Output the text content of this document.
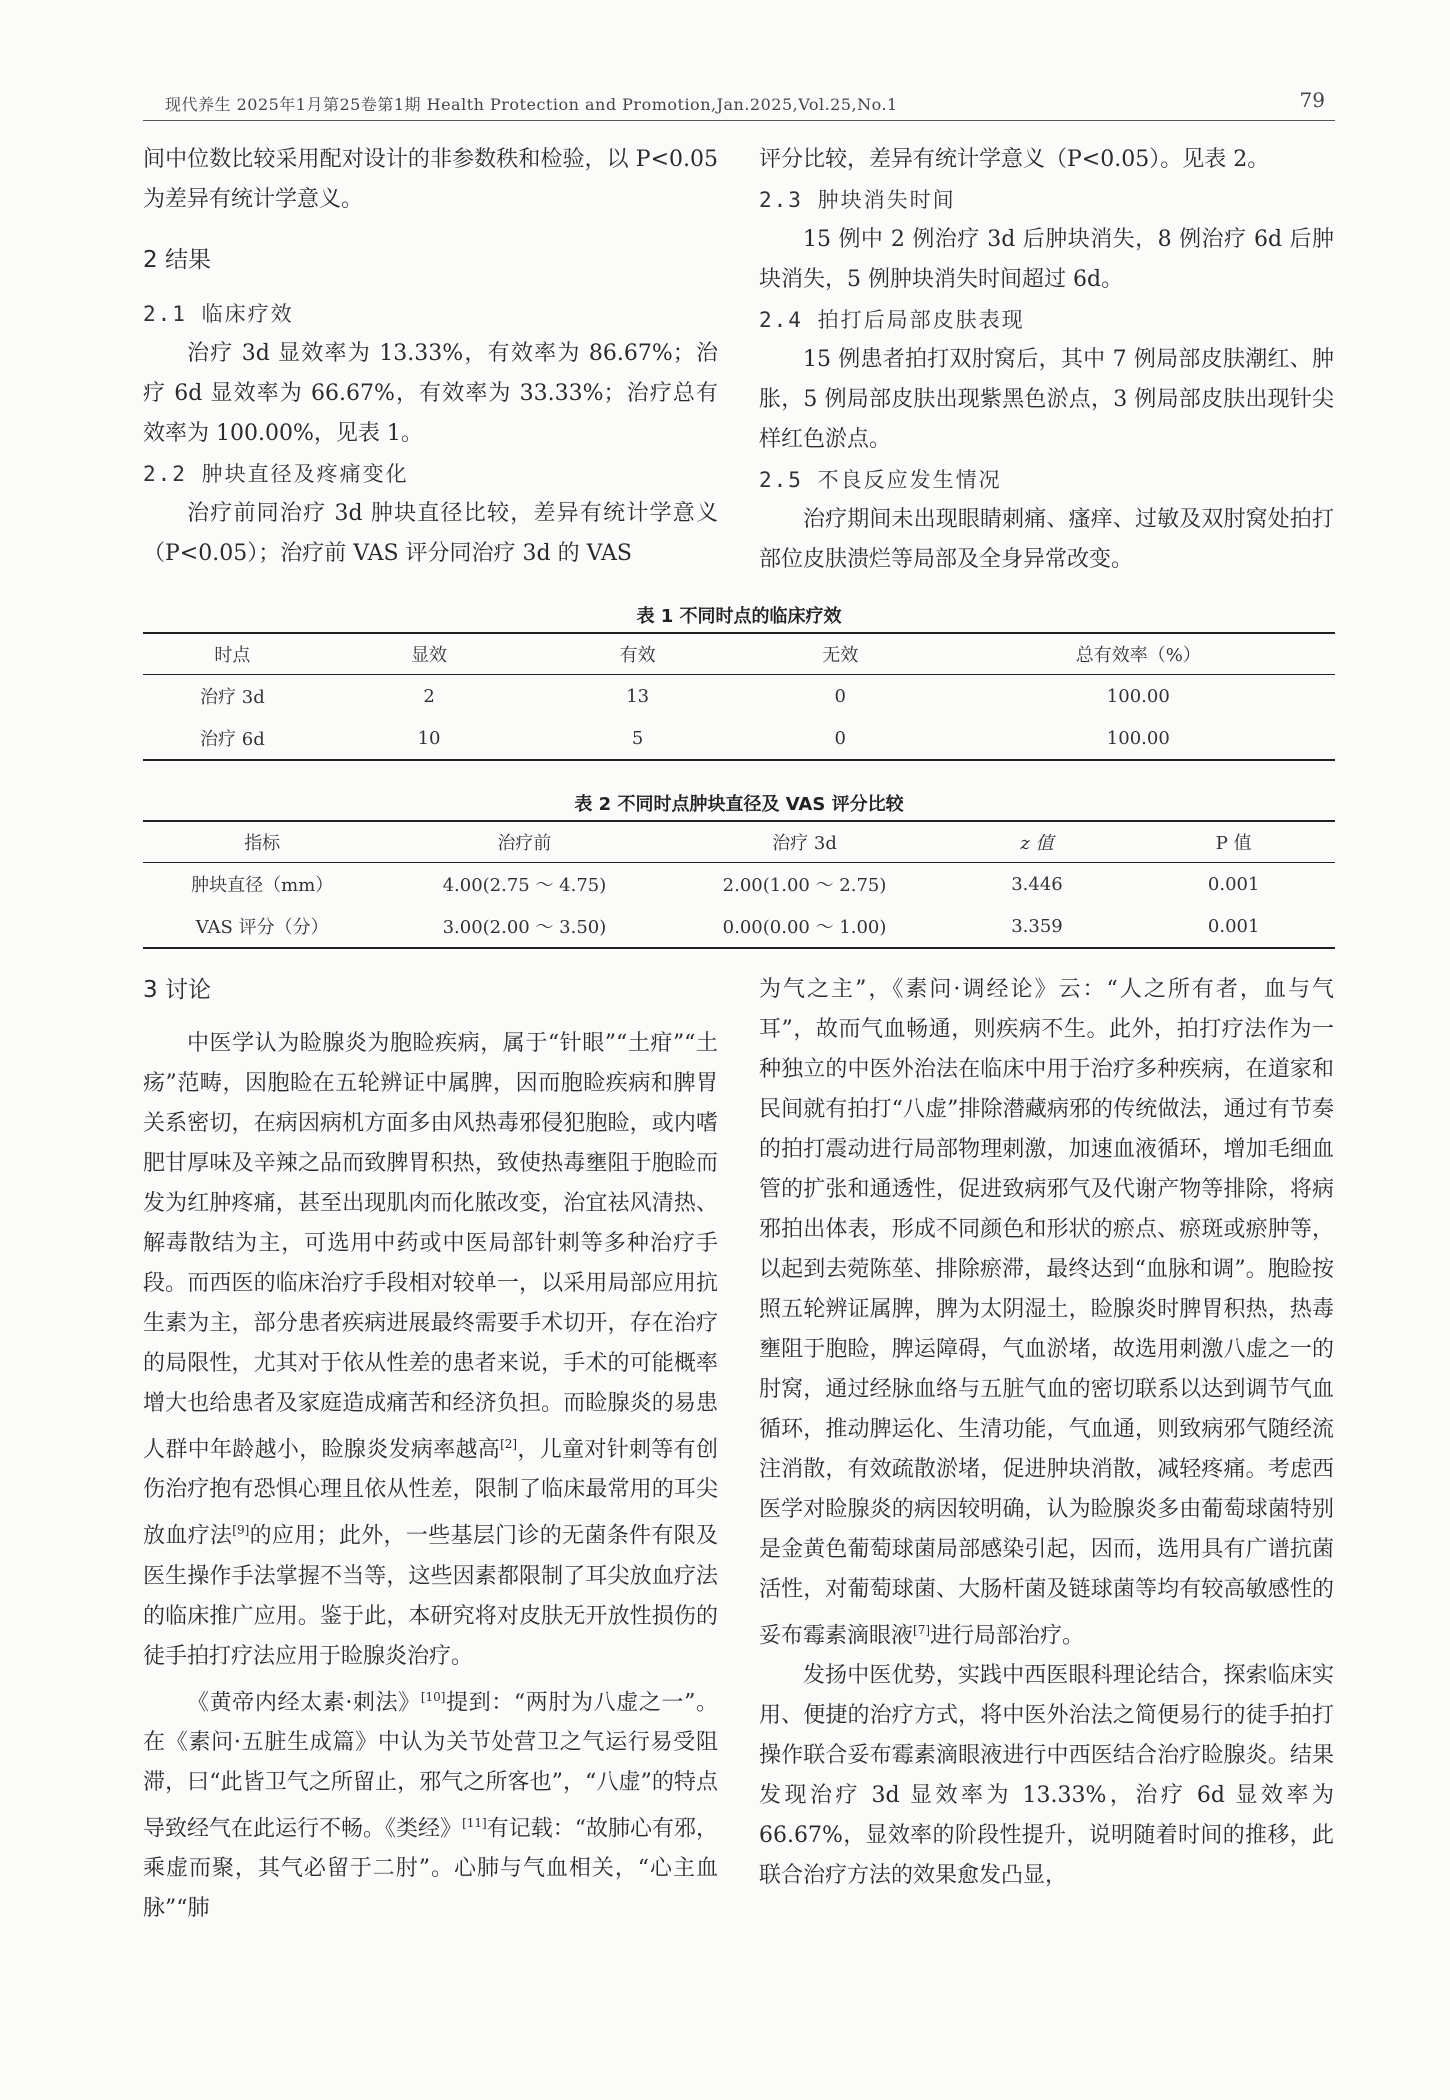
现代养生 2025年1月第25卷第1期 Health Protection and Promotion,Jan.2025,Vol.25,No.1	79

间中位数比较采用配对设计的非参数秩和检验，以 P<0.05 为差异有统计学意义。

2 结果
2.1 临床疗效

治疗 3d 显效率为 13.33%，有效率为 86.67%；治疗 6d 显效率为 66.67%，有效率为 33.33%；治疗总有效率为 100.00%，见表 1。

2.2 肿块直径及疼痛变化

治疗前同治疗 3d 肿块直径比较，差异有统计学意义（P<0.05）；治疗前 VAS 评分同治疗 3d 的 VAS

评分比较，差异有统计学意义（P<0.05）。见表 2。

2.3 肿块消失时间

15 例中 2 例治疗 3d 后肿块消失，8 例治疗 6d 后肿块消失，5 例肿块消失时间超过 6d。

2.4 拍打后局部皮肤表现

15 例患者拍打双肘窝后，其中 7 例局部皮肤潮红、肿胀，5 例局部皮肤出现紫黑色淤点，3 例局部皮肤出现针尖样红色淤点。

2.5 不良反应发生情况

治疗期间未出现眼睛刺痛、瘙痒、过敏及双肘窝处拍打部位皮肤溃烂等局部及全身异常改变。

表 1 不同时点的临床疗效
时点	显效	有效	无效	总有效率（%）
治疗 3d	2	13	0	100.00
治疗 6d	10	5	0	100.00
表 2 不同时点肿块直径及 VAS 评分比较
指标	治疗前	治疗 3d	z 值	P 值
肿块直径（mm）	4.00(2.75 ～ 4.75)	2.00(1.00 ～ 2.75)	3.446	0.001
VAS 评分（分）	3.00(2.00 ～ 3.50)	0.00(0.00 ～ 1.00)	3.359	0.001
3 讨论

中医学认为睑腺炎为胞睑疾病，属于“针眼”“土疳”“土疡”范畴，因胞睑在五轮辨证中属脾，因而胞睑疾病和脾胃关系密切，在病因病机方面多由风热毒邪侵犯胞睑，或内嗜肥甘厚味及辛辣之品而致脾胃积热，致使热毒壅阻于胞睑而发为红肿疼痛，甚至出现肌肉而化脓改变，治宜祛风清热、解毒散结为主，可选用中药或中医局部针刺等多种治疗手段。而西医的临床治疗手段相对较单一，以采用局部应用抗生素为主，部分患者疾病进展最终需要手术切开，存在治疗的局限性，尤其对于依从性差的患者来说，手术的可能概率增大也给患者及家庭造成痛苦和经济负担。而睑腺炎的易患人群中年龄越小，睑腺炎发病率越高[2]，儿童对针刺等有创伤治疗抱有恐惧心理且依从性差，限制了临床最常用的耳尖放血疗法[9]的应用；此外，一些基层门诊的无菌条件有限及医生操作手法掌握不当等，这些因素都限制了耳尖放血疗法的临床推广应用。鉴于此，本研究将对皮肤无开放性损伤的徒手拍打疗法应用于睑腺炎治疗。

《黄帝内经太素·刺法》[10]提到：“两肘为八虚之一”。在《素问·五脏生成篇》中认为关节处营卫之气运行易受阻滞，曰“此皆卫气之所留止，邪气之所客也”，“八虚”的特点导致经气在此运行不畅。《类经》[11]有记载：“故肺心有邪，乘虚而聚，其气必留于二肘”。心肺与气血相关，“心主血脉”“肺

为气之主”，《素问·调经论》云：“人之所有者，血与气耳”，故而气血畅通，则疾病不生。此外，拍打疗法作为一种独立的中医外治法在临床中用于治疗多种疾病，在道家和民间就有拍打“八虚”排除潜藏病邪的传统做法，通过有节奏的拍打震动进行局部物理刺激，加速血液循环，增加毛细血管的扩张和通透性，促进致病邪气及代谢产物等排除，将病邪拍出体表，形成不同颜色和形状的瘀点、瘀斑或瘀肿等，以起到去菀陈莝、排除瘀滞，最终达到“血脉和调”。胞睑按照五轮辨证属脾，脾为太阴湿土，睑腺炎时脾胃积热，热毒壅阻于胞睑，脾运障碍，气血淤堵，故选用刺激八虚之一的肘窝，通过经脉血络与五脏气血的密切联系以达到调节气血循环，推动脾运化、生清功能，气血通，则致病邪气随经流注消散，有效疏散淤堵，促进肿块消散，减轻疼痛。考虑西医学对睑腺炎的病因较明确，认为睑腺炎多由葡萄球菌特别是金黄色葡萄球菌局部感染引起，因而，选用具有广谱抗菌活性，对葡萄球菌、大肠杆菌及链球菌等均有较高敏感性的妥布霉素滴眼液[7]进行局部治疗。

发扬中医优势，实践中西医眼科理论结合，探索临床实用、便捷的治疗方式，将中医外治法之简便易行的徒手拍打操作联合妥布霉素滴眼液进行中西医结合治疗睑腺炎。结果发现治疗 3d 显效率为 13.33%，治疗 6d 显效率为 66.67%，显效率的阶段性提升，说明随着时间的推移，此联合治疗方法的效果愈发凸显，
